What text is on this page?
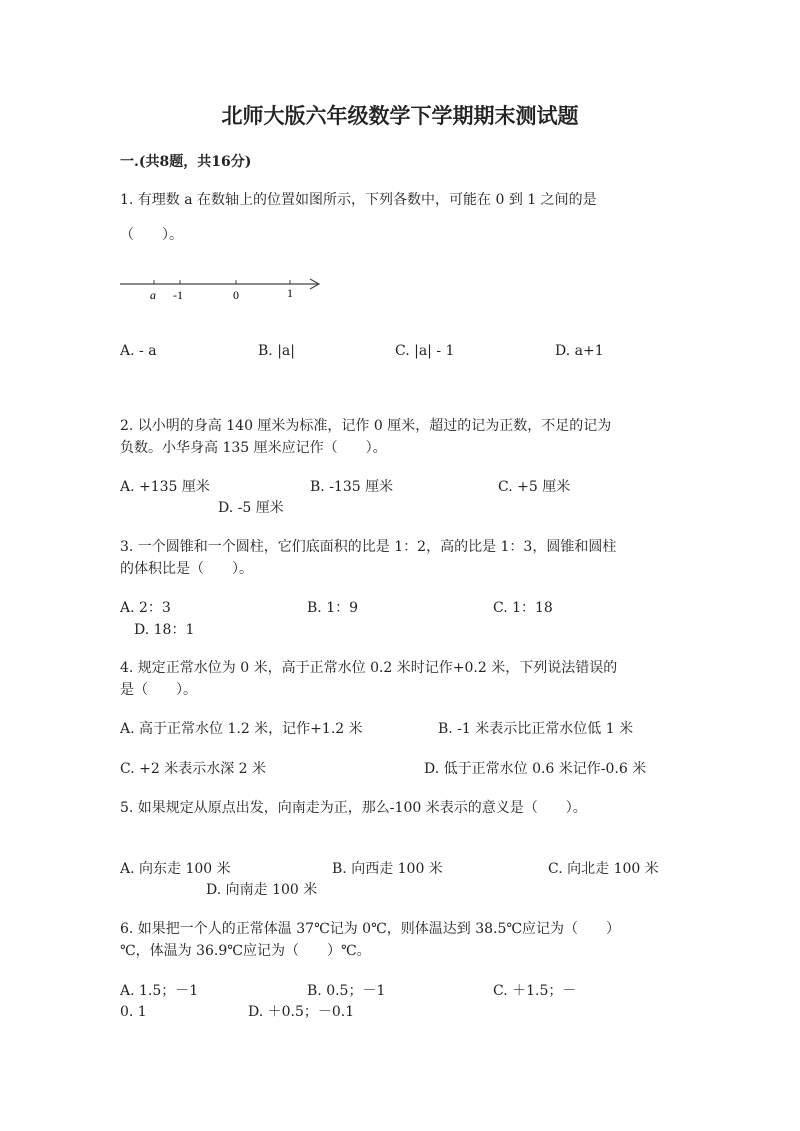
北师大版六年级数学下学期期末测试题
一.(共8题，共16分)
1. 有理数 a 在数轴上的位置如图所示，下列各数中，可能在 0 到 1 之间的是
（　　）。
a -1	0	1
A. - a	B. |a|	C. |a| - 1	D. a+1
2. 以小明的身高 140 厘米为标准，记作 0 厘米，超过的记为正数，不足的记为
负数。小华身高 135 厘米应记作（　　）。
A. +135 厘米	B. -135 厘米	C. +5 厘米
D. -5 厘米
3. 一个圆锥和一个圆柱，它们底面积的比是 1：2，高的比是 1：3，圆锥和圆柱
的体积比是（　　）。
A. 2：3	B. 1：9	C. 1：18
D. 18：1
4. 规定正常水位为 0 米，高于正常水位 0.2 米时记作+0.2 米，下列说法错误的
是（　　）。
A. 高于正常水位 1.2 米，记作+1.2 米	B. -1 米表示比正常水位低 1 米
C. +2 米表示水深 2 米	D. 低于正常水位 0.6 米记作-0.6 米
5. 如果规定从原点出发，向南走为正，那么-100 米表示的意义是（　　）。
A. 向东走 100 米	B. 向西走 100 米	C. 向北走 100 米
D. 向南走 100 米
6. 如果把一个人的正常体温 37℃记为 0℃，则体温达到 38.5℃应记为（　　）
℃，体温为 36.9℃应记为（　　）℃。
A. 1.5；－1	B. 0.5；－1	C. ＋1.5；－
0. 1	D. ＋0.5；－0.1
